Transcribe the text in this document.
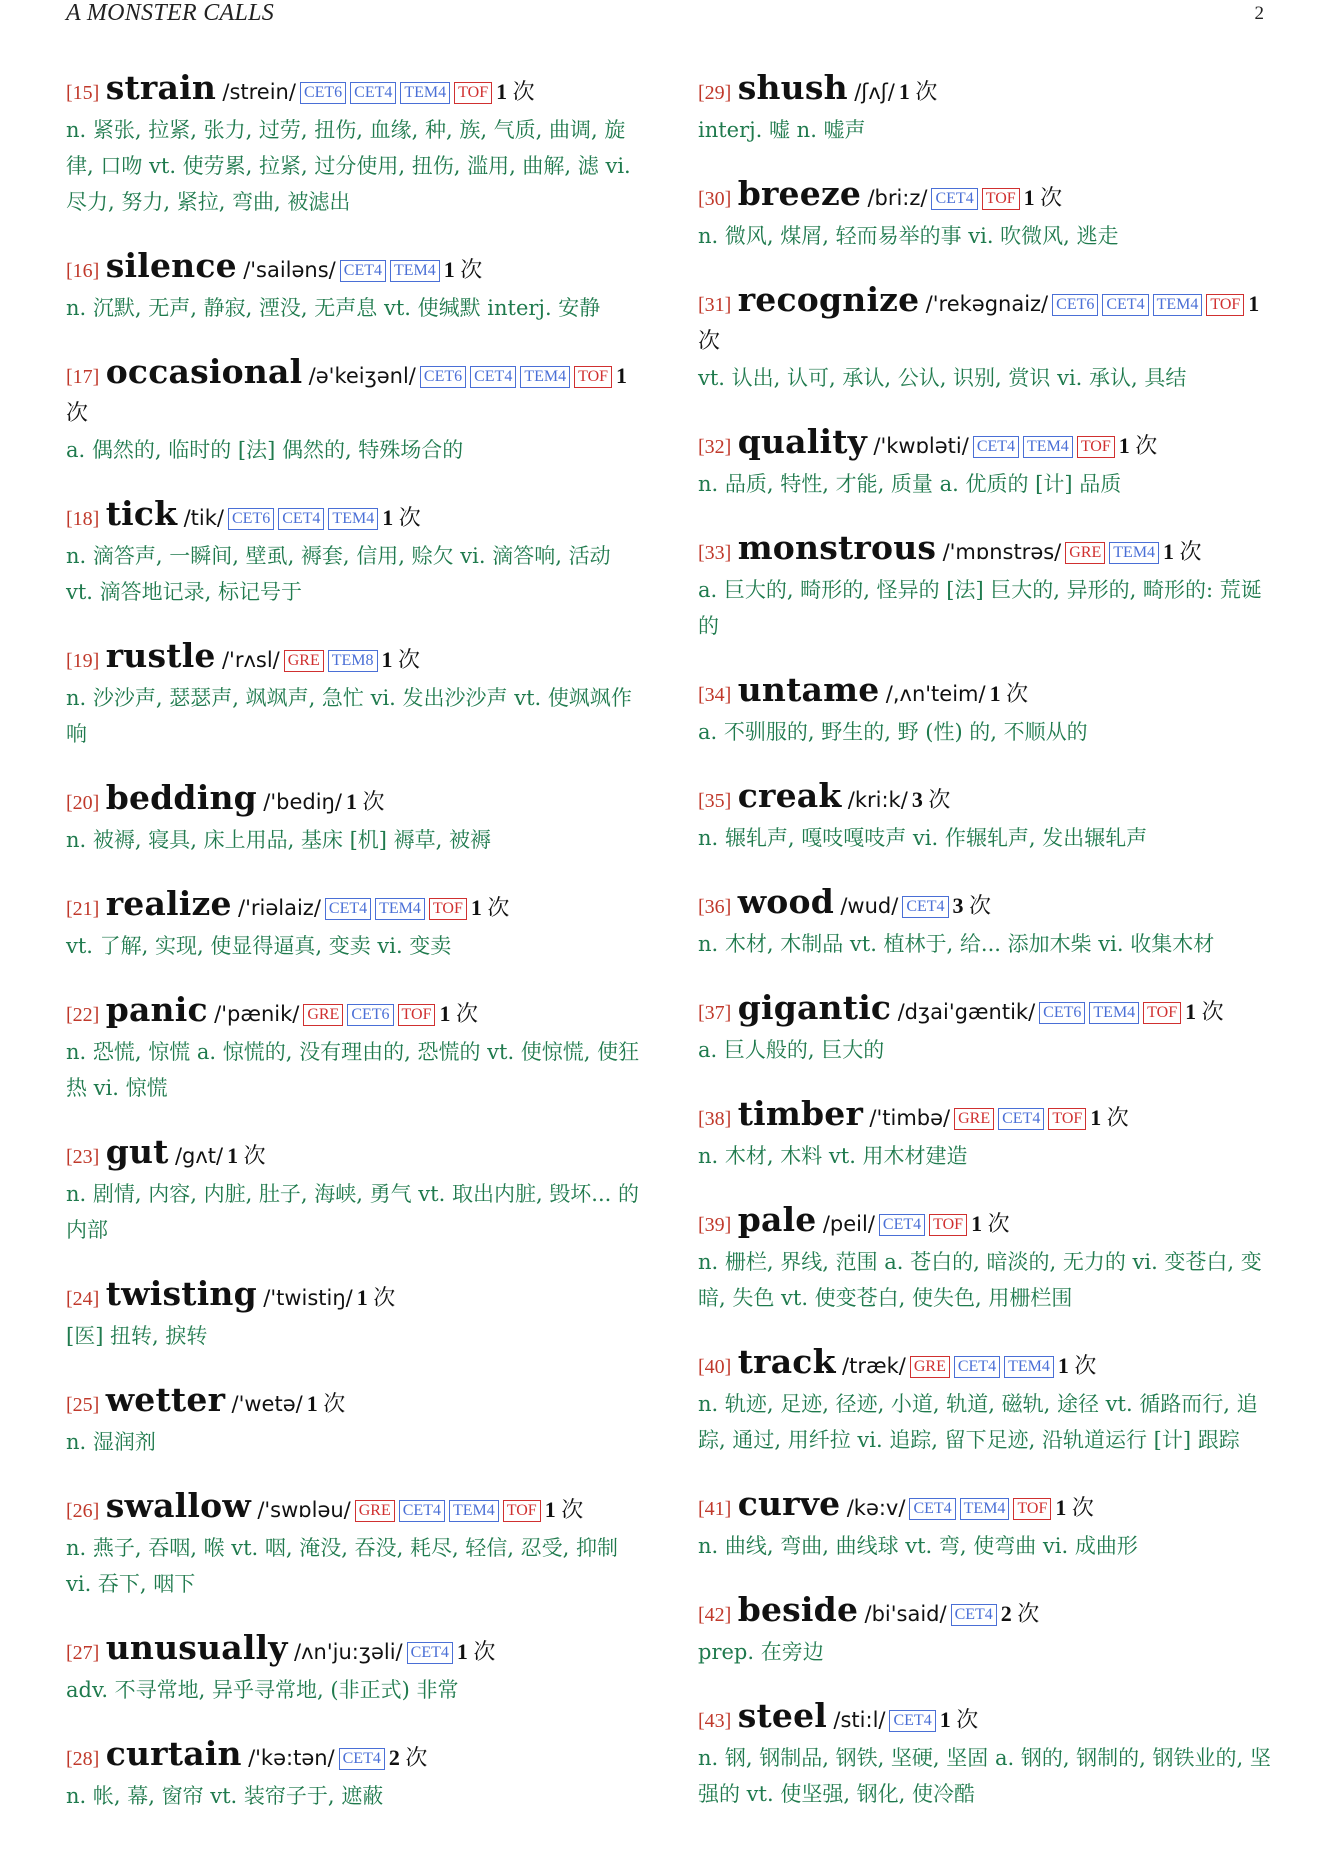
A MONSTER CALLS	2
[15] strain /strein/ CET6 CET4 TEM4 TOF 1 次
n. 紧张, 拉紧, 张力, 过劳, 扭伤, 血缘, 种, 族, 气质, 曲调, 旋律, 口吻 vt. 使劳累, 拉紧, 过分使用, 扭伤, 滥用, 曲解, 滤 vi. 尽力, 努力, 紧拉, 弯曲, 被滤出
[16] silence /'sailəns/ CET4 TEM4 1 次
n. 沉默, 无声, 静寂, 湮没, 无声息 vt. 使缄默 interj. 安静
[17] occasional /ə'keiʒənl/ CET6 CET4 TEM4 TOF 1 次
a. 偶然的, 临时的 [法] 偶然的, 特殊场合的
[18] tick /tik/ CET6 CET4 TEM4 1 次
n. 滴答声, 一瞬间, 壁虱, 褥套, 信用, 赊欠 vi. 滴答响, 活动 vt. 滴答地记录, 标记号于
[19] rustle /'rʌsl/ GRE TEM8 1 次
n. 沙沙声, 瑟瑟声, 飒飒声, 急忙 vi. 发出沙沙声 vt. 使飒飒作响
[20] bedding /'bediŋ/ 1 次
n. 被褥, 寝具, 床上用品, 基床 [机] 褥草, 被褥
[21] realize /'riəlaiz/ CET4 TEM4 TOF 1 次
vt. 了解, 实现, 使显得逼真, 变卖 vi. 变卖
[22] panic /'pænik/ GRE CET6 TOF 1 次
n. 恐慌, 惊慌 a. 惊慌的, 没有理由的, 恐慌的 vt. 使惊慌, 使狂热 vi. 惊慌
[23] gut /gʌt/ 1 次
n. 剧情, 内容, 内脏, 肚子, 海峡, 勇气 vt. 取出内脏, 毁坏... 的内部
[24] twisting /'twistiŋ/ 1 次
[医] 扭转, 捩转
[25] wetter /'wetə/ 1 次
n. 湿润剂
[26] swallow /'swɒləu/ GRE CET4 TEM4 TOF 1 次
n. 燕子, 吞咽, 喉 vt. 咽, 淹没, 吞没, 耗尽, 轻信, 忍受, 抑制 vi. 吞下, 咽下
[27] unusually /ʌn'ju:ʒəli/ CET4 1 次
adv. 不寻常地, 异乎寻常地, (非正式) 非常
[28] curtain /'kə:tən/ CET4 2 次
n. 帐, 幕, 窗帘 vt. 装帘子于, 遮蔽
[29] shush /ʃʌʃ/ 1 次
interj. 嘘 n. 嘘声
[30] breeze /bri:z/ CET4 TOF 1 次
n. 微风, 煤屑, 轻而易举的事 vi. 吹微风, 逃走
[31] recognize /'rekəgnaiz/ CET6 CET4 TEM4 TOF 1 次
vt. 认出, 认可, 承认, 公认, 识别, 赏识 vi. 承认, 具结
[32] quality /'kwɒləti/ CET4 TEM4 TOF 1 次
n. 品质, 特性, 才能, 质量 a. 优质的 [计] 品质
[33] monstrous /'mɒnstrəs/ GRE TEM4 1 次
a. 巨大的, 畸形的, 怪异的 [法] 巨大的, 异形的, 畸形的: 荒诞的
[34] untame /,ʌn'teim/ 1 次
a. 不驯服的, 野生的, 野 (性) 的, 不顺从的
[35] creak /kri:k/ 3 次
n. 辗轧声, 嘎吱嘎吱声 vi. 作辗轧声, 发出辗轧声
[36] wood /wud/ CET4 3 次
n. 木材, 木制品 vt. 植林于, 给... 添加木柴 vi. 收集木材
[37] gigantic /dʒai'gæntik/ CET6 TEM4 TOF 1 次
a. 巨人般的, 巨大的
[38] timber /'timbə/ GRE CET4 TOF 1 次
n. 木材, 木料 vt. 用木材建造
[39] pale /peil/ CET4 TOF 1 次
n. 栅栏, 界线, 范围 a. 苍白的, 暗淡的, 无力的 vi. 变苍白, 变暗, 失色 vt. 使变苍白, 使失色, 用栅栏围
[40] track /træk/ GRE CET4 TEM4 1 次
n. 轨迹, 足迹, 径迹, 小道, 轨道, 磁轨, 途径 vt. 循路而行, 追踪, 通过, 用纤拉 vi. 追踪, 留下足迹, 沿轨道运行 [计] 跟踪
[41] curve /kə:v/ CET4 TEM4 TOF 1 次
n. 曲线, 弯曲, 曲线球 vt. 弯, 使弯曲 vi. 成曲形
[42] beside /bi'said/ CET4 2 次
prep. 在旁边
[43] steel /sti:l/ CET4 1 次
n. 钢, 钢制品, 钢铁, 坚硬, 坚固 a. 钢的, 钢制的, 钢铁业的, 坚强的 vt. 使坚强, 钢化, 使冷酷
